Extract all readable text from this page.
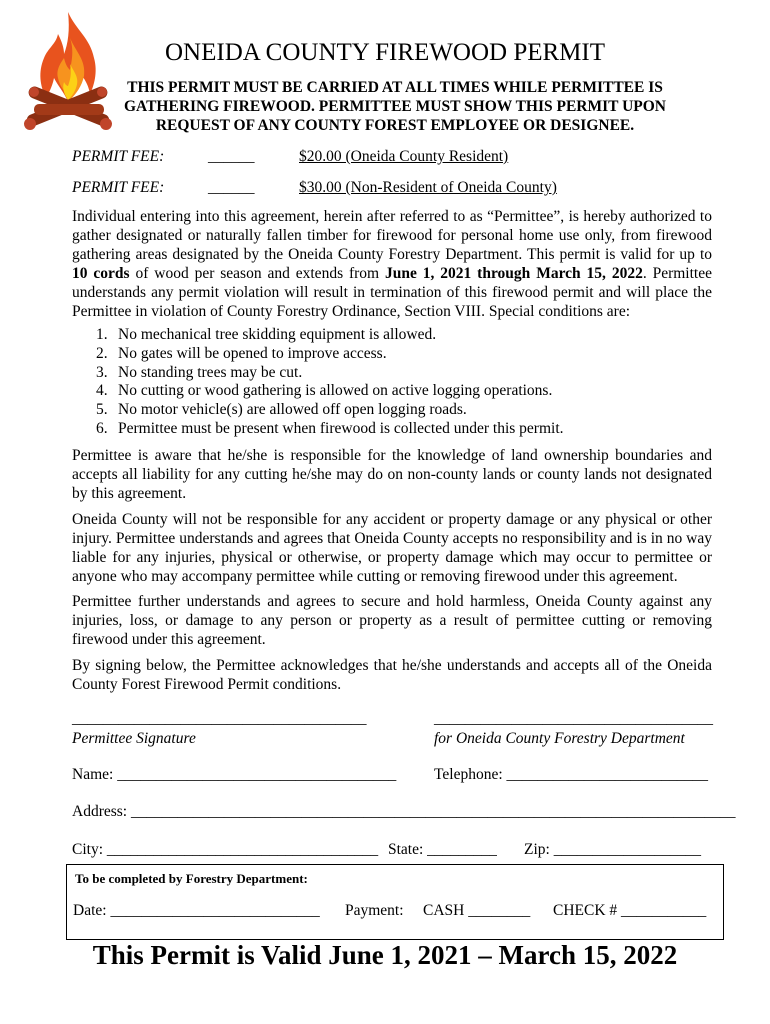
ONEIDA COUNTY FIREWOOD PERMIT
THIS PERMIT MUST BE CARRIED AT ALL TIMES WHILE PERMITTEE IS
GATHERING FIREWOOD. PERMITTEE MUST SHOW THIS PERMIT UPON
REQUEST OF ANY COUNTY FOREST EMPLOYEE OR DESIGNEE.
PERMIT FEE:	______	$20.00 (Oneida County Resident)
PERMIT FEE:	______	$30.00 (Non-Resident of Oneida County)
Individual entering into this agreement, herein after referred to as “Permittee”, is hereby authorized to gather designated or naturally fallen timber for firewood for personal home use only, from firewood gathering areas designated by the Oneida County Forestry Department. This permit is valid for up to 10 cords of wood per season and extends from June 1, 2021 through March 15, 2022. Permittee understands any permit violation will result in termination of this firewood permit and will place the Permittee in violation of County Forestry Ordinance, Section VIII. Special conditions are:
1. No mechanical tree skidding equipment is allowed.
2. No gates will be opened to improve access.
3. No standing trees may be cut.
4. No cutting or wood gathering is allowed on active logging operations.
5. No motor vehicle(s) are allowed off open logging roads.
6. Permittee must be present when firewood is collected under this permit.
Permittee is aware that he/she is responsible for the knowledge of land ownership boundaries and accepts all liability for any cutting he/she may do on non-county lands or county lands not designated by this agreement.
Oneida County will not be responsible for any accident or property damage or any physical or other injury. Permittee understands and agrees that Oneida County accepts no responsibility and is in no way liable for any injuries, physical or otherwise, or property damage which may occur to permittee or anyone who may accompany permittee while cutting or removing firewood under this agreement.
Permittee further understands and agrees to secure and hold harmless, Oneida County against any injuries, loss, or damage to any person or property as a result of permittee cutting or removing firewood under this agreement.
By signing below, the Permittee acknowledges that he/she understands and accepts all of the Oneida County Forest Firewood Permit conditions.
______________________________________
Permittee Signature
____________________________________
for Oneida County Forestry Department
Name: ____________________________________ Telephone: __________________________
Address: ______________________________________________________________________________
City: ___________________________________ State: _________ Zip: ___________________
To be completed by Forestry Department:
Date: ___________________________ Payment: CASH ________ CHECK # ___________
This Permit is Valid June 1, 2021 – March 15, 2022
